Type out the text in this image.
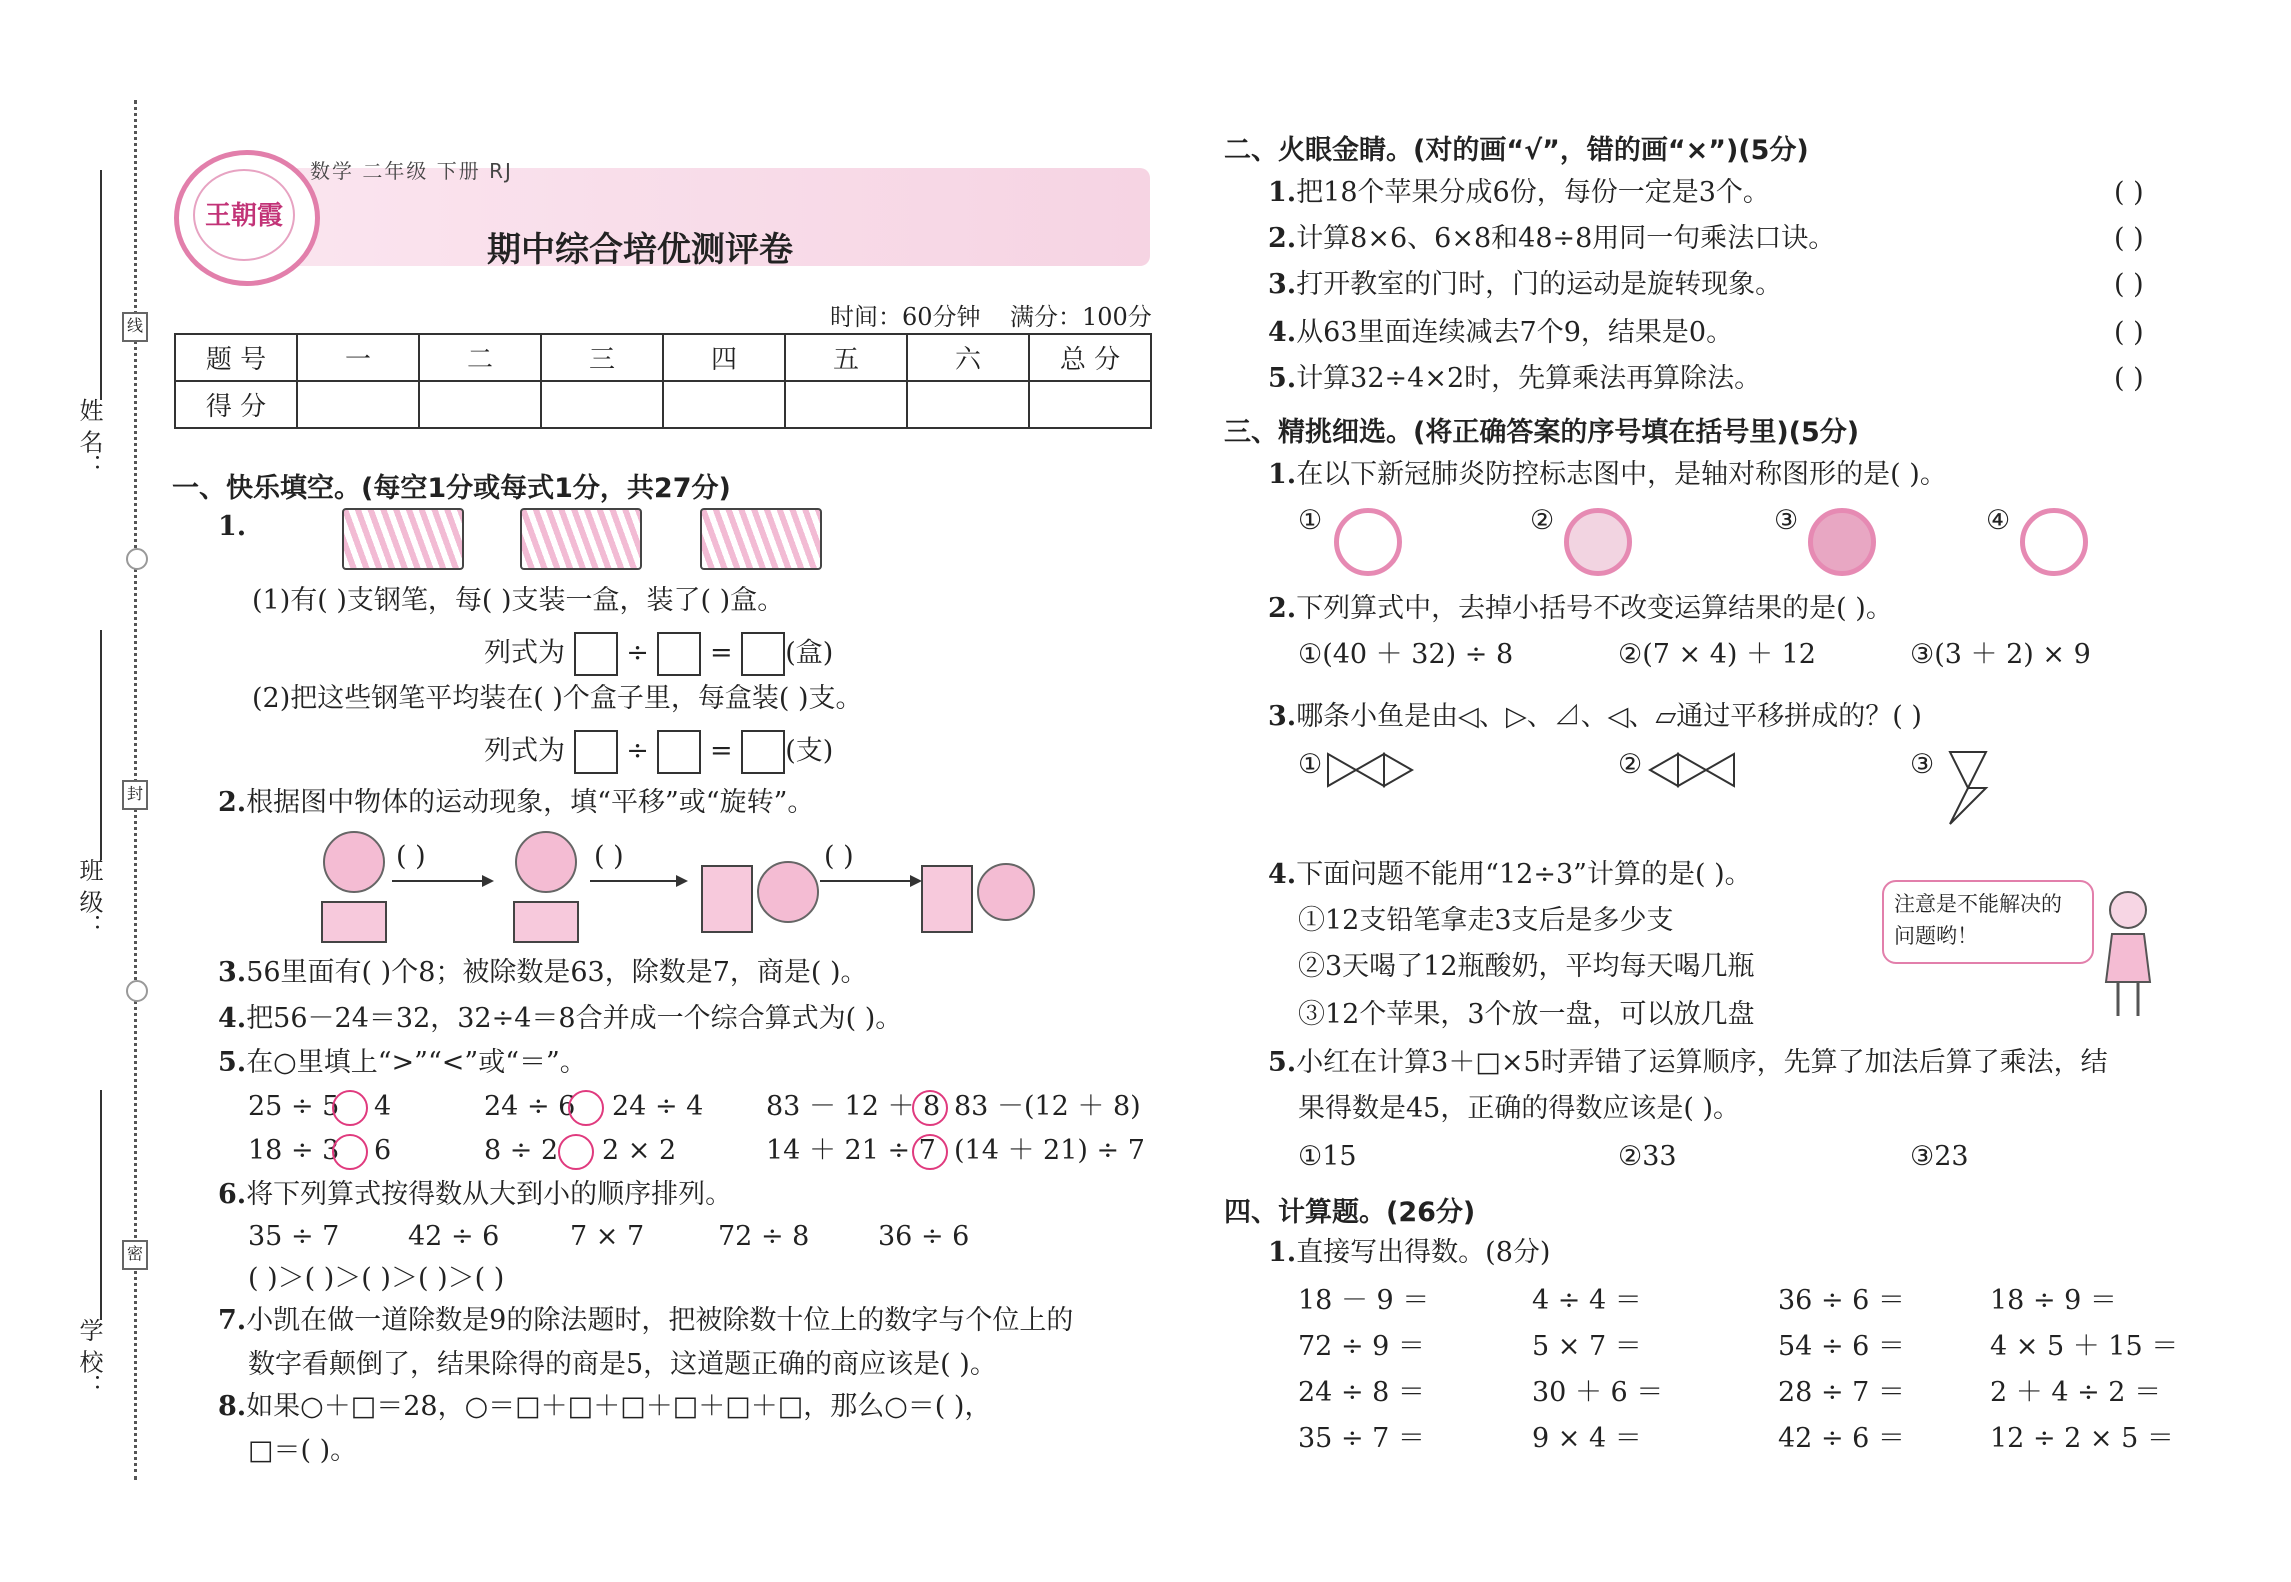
姓 名：
班 级：
学 校：
线
封
密
王朝霞
数学 二年级 下册 RJ
期中综合培优测评卷
时间：60分钟 满分：100分
题 号	一	二	三	四	五	六	总 分
得 分							
一、快乐填空。(每空1分或每式1分，共27分)
1.
(1)有( )支钢笔，每( )支装一盒，装了( )盒。
列式为 ÷ = (盒)
(2)把这些钢笔平均装在( )个盒子里，每盒装( )支。
列式为 ÷ = (支)
2.根据图中物体的运动现象，填“平移”或“旋转”。
( )	( )	( )
3.56里面有( )个8；被除数是63，除数是7，商是( )。
4.把56－24＝32，32÷4＝8合并成一个综合算式为( )。
5.在○里填上“>”“<”或“＝”。
25 ÷ 5 4	24 ÷ 6 24 ÷ 4 83 － 12 ＋ 8 83 －(12 ＋ 8)
18 ÷ 3 6	8 ÷ 2 2 × 2	14 ＋ 21 ÷ 7 (14 ＋ 21) ÷ 7
6.将下列算式按得数从大到小的顺序排列。
35 ÷ 7	42 ÷ 6	7 × 7	72 ÷ 8	36 ÷ 6
( )＞( )＞( )＞( )＞( )
7.小凯在做一道除数是9的除法题时，把被除数十位上的数字与个位上的
数字看颠倒了，结果除得的商是5，这道题正确的商应该是( )。
8.如果○＋□＝28，○＝□＋□＋□＋□＋□＋□，那么○＝( )，
□＝( )。
二、火眼金睛。(对的画“√”，错的画“×”)(5分)
1.把18个苹果分成6份，每份一定是3个。	( )
2.计算8×6、6×8和48÷8用同一句乘法口诀。	( )
3.打开教室的门时，门的运动是旋转现象。	( )
4.从63里面连续减去7个9，结果是0。	( )
5.计算32÷4×2时，先算乘法再算除法。	( )
三、精挑细选。(将正确答案的序号填在括号里)(5分)
1.在以下新冠肺炎防控标志图中，是轴对称图形的是( )。
①	②	③	④
2.下列算式中，去掉小括号不改变运算结果的是( )。
①(40 ＋ 32) ÷ 8	②(7 × 4) ＋ 12	③(3 ＋ 2) × 9
3.哪条小鱼是由◁、▷、⊿、◁、▱通过平移拼成的？( )
①	②	③
4.下面问题不能用“12÷3”计算的是( )。
①12支铅笔拿走3支后是多少支
②3天喝了12瓶酸奶，平均每天喝几瓶
③12个苹果，3个放一盘，可以放几盘
注意是不能解决的问题哟！
5.小红在计算3＋□×5时弄错了运算顺序，先算了加法后算了乘法，结
果得数是45，正确的得数应该是( )。
①15	②33	③23
四、计算题。(26分)
1.直接写出得数。(8分)
18 － 9 ＝	4 ÷ 4 ＝	36 ÷ 6 ＝	18 ÷ 9 ＝
72 ÷ 9 ＝	5 × 7 ＝	54 ÷ 6 ＝	4 × 5 ＋ 15 ＝
24 ÷ 8 ＝	30 ＋ 6 ＝	28 ÷ 7 ＝	2 ＋ 4 ÷ 2 ＝
35 ÷ 7 ＝	9 × 4 ＝	42 ÷ 6 ＝	12 ÷ 2 × 5 ＝
